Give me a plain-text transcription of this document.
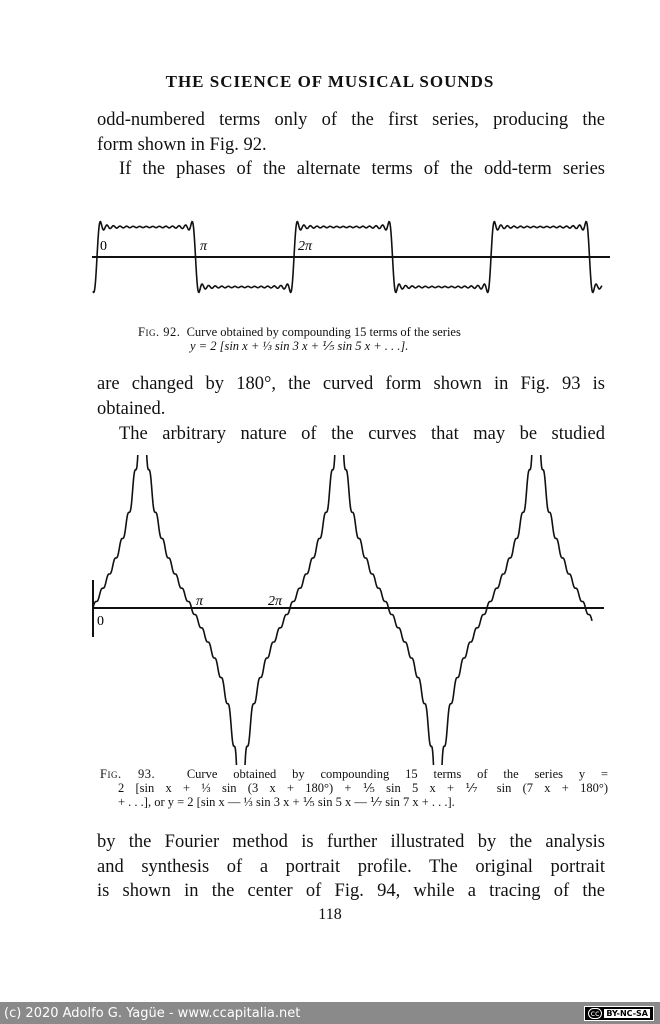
THE SCIENCE OF MUSICAL SOUNDS

odd-numbered terms only of the first series, producing the
form shown in Fig. 92.

If the phases of the alternate terms of the odd-term series

0	π	2π
Fig. 92. Curve obtained by compounding 15 terms of the series
y = 2 [sin x + ⅓ sin 3 x + ⅕ sin 5 x + . . .].

are changed by 180°, the curved form shown in Fig. 93 is
obtained.

The arbitrary nature of the curves that may be studied

0
π	2π
Fig. 93.	Curve obtained by compounding 15 terms of the series y =
2 [sin x + ⅓ sin (3 x + 180°) + ⅕ sin 5 x + ⅐ sin (7 x + 180°)
+ . . .], or y = 2 [sin x — ⅓ sin 3 x + ⅕ sin 5 x — ⅐ sin 7 x + . . .].

by the Fourier method is further illustrated by the analysis
and synthesis of a portrait profile. The original portrait
is shown in the center of Fig. 94, while a tracing of the

118
(c) 2020 Adolfo G. Yagüe - www.ccapitalia.net	cc BY-NC-SA
